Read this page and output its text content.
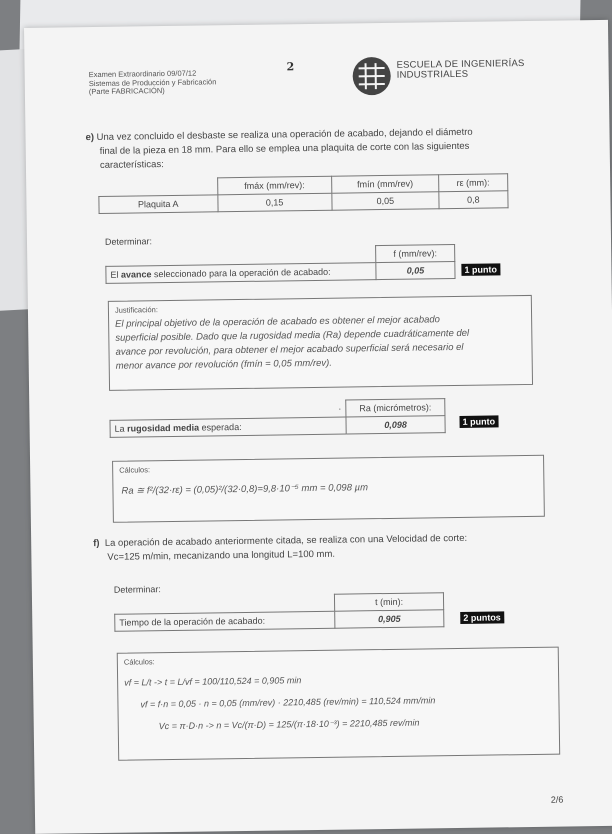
Examen Extraordinario 09/07/12
Sistemas de Producción y Fabricación
(Parte FABRICACIÓN)
2	ESCUELA DE INGENIERÍAS
INDUSTRIALES
e) Una vez concluido el desbaste se realiza una operación de acabado, dejando el diámetro
final de la pieza en 18 mm. Para ello se emplea una plaquita de corte con las siguientes
características:
	fmáx (mm/rev):	fmín (mm/rev)	rε (mm):
Plaquita A	0,15	0,05	0,8
Determinar:
	f (mm/rev):
El avance seleccionado para la operación de acabado:	0,05	1 punto
Justificación:
El principal objetivo de la operación de acabado es obtener el mejor acabado
superficial posible. Dado que la rugosidad media (Ra) depende cuadráticamente del
avance por revolución, para obtener el mejor acabado superficial será necesario el
menor avance por revolución (fmín = 0,05 mm/rev).
·	Ra (micrómetros):
La rugosidad media esperada:	0,098	1 punto
Cálculos:
Ra ≅ f²/(32·rε) = (0,05)²/(32·0,8)=9,8·10⁻⁵ mm = 0,098 µm
f) La operación de acabado anteriormente citada, se realiza con una Velocidad de corte:
Vc=125 m/min, mecanizando una longitud L=100 mm.
Determinar:
	t (min):
Tiempo de la operación de acabado:	0,905	2 puntos
Cálculos:
vf = L/t -> t = L/vf = 100/110,524 = 0,905 min
vf = f·n = 0,05 · n = 0,05 (mm/rev) · 2210,485 (rev/min) = 110,524 mm/min
Vc = π·D·n -> n = Vc/(π·D) = 125/(π·18·10⁻³) = 2210,485 rev/min
2/6
